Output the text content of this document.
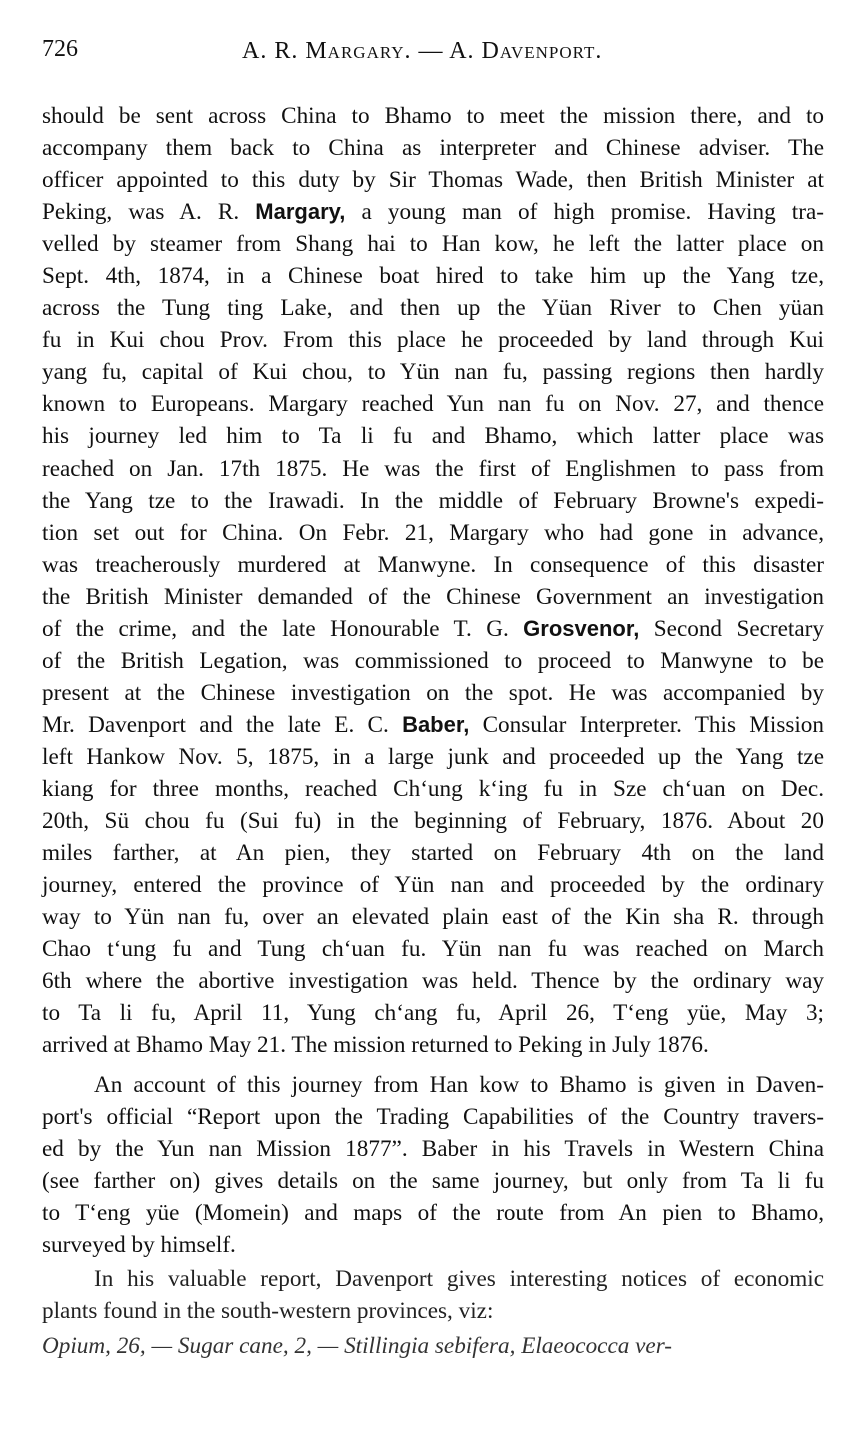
726	A. R. Margary. — A. Davenport.
should be sent across China to Bhamo to meet the mission there, and to
accompany them back to China as interpreter and Chinese adviser. The
officer appointed to this duty by Sir Thomas Wade, then British Minister at
Peking, was A. R. Margary, a young man of high promise. Having tra-
velled by steamer from Shang hai to Han kow, he left the latter place on
Sept. 4th, 1874, in a Chinese boat hired to take him up the Yang tze,
across the Tung ting Lake, and then up the Yüan River to Chen yüan
fu in Kui chou Prov. From this place he proceeded by land through Kui
yang fu, capital of Kui chou, to Yün nan fu, passing regions then hardly
known to Europeans. Margary reached Yun nan fu on Nov. 27, and thence
his journey led him to Ta li fu and Bhamo, which latter place was
reached on Jan. 17th 1875. He was the first of Englishmen to pass from
the Yang tze to the Irawadi. In the middle of February Browne's expedi-
tion set out for China. On Febr. 21, Margary who had gone in advance,
was treacherously murdered at Manwyne. In consequence of this disaster
the British Minister demanded of the Chinese Government an investigation
of the crime, and the late Honourable T. G. Grosvenor, Second Secretary
of the British Legation, was commissioned to proceed to Manwyne to be
present at the Chinese investigation on the spot. He was accompanied by
Mr. Davenport and the late E. C. Baber, Consular Interpreter. This Mission
left Hankow Nov. 5, 1875, in a large junk and proceeded up the Yang tze
kiang for three months, reached Chʻung kʻing fu in Sze chʻuan on Dec.
20th, Sü chou fu (Sui fu) in the beginning of February, 1876. About 20
miles farther, at An pien, they started on February 4th on the land
journey, entered the province of Yün nan and proceeded by the ordinary
way to Yün nan fu, over an elevated plain east of the Kin sha R. through
Chao tʻung fu and Tung chʻuan fu. Yün nan fu was reached on March
6th where the abortive investigation was held. Thence by the ordinary way
to Ta li fu, April 11, Yung chʻang fu, April 26, Tʻeng yüe, May 3;
arrived at Bhamo May 21. The mission returned to Peking in July 1876.
An account of this journey from Han kow to Bhamo is given in Daven-
port's official “Report upon the Trading Capabilities of the Country travers-
ed by the Yun nan Mission 1877”. Baber in his Travels in Western China
(see farther on) gives details on the same journey, but only from Ta li fu
to Tʻeng yüe (Momein) and maps of the route from An pien to Bhamo,
surveyed by himself.
In his valuable report, Davenport gives interesting notices of economic
plants found in the south-western provinces, viz:
Opium, 26, — Sugar cane, 2, — Stillingia sebifera, Elaeococca ver-
